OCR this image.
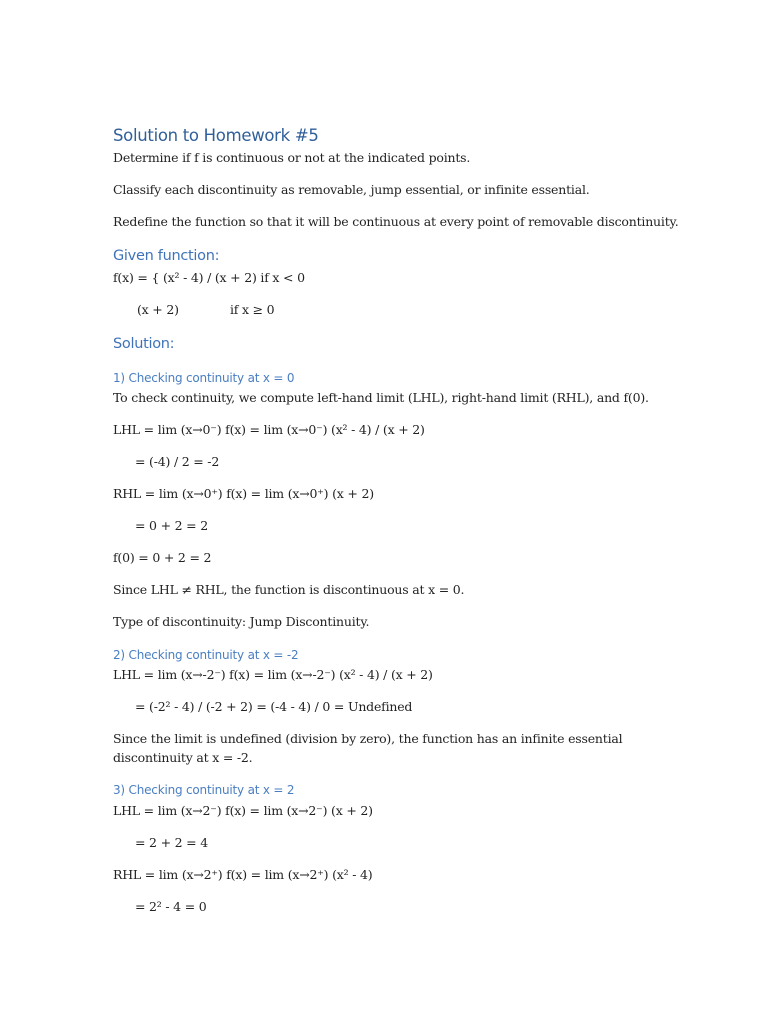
Solution to Homework #5
Determine if f is continuous or not at the indicated points.
Classify each discontinuity as removable, jump essential, or infinite essential.
Redefine the function so that it will be continuous at every point of removable discontinuity.
Given function:
f(x) = { (x² - 4) / (x + 2) if x < 0
(x + 2)	if x ≥ 0
Solution:
1) Checking continuity at x = 0
To check continuity, we compute left-hand limit (LHL), right-hand limit (RHL), and f(0).
LHL = lim (x→0⁻) f(x) = lim (x→0⁻) (x² - 4) / (x + 2)
= (-4) / 2 = -2
RHL = lim (x→0⁺) f(x) = lim (x→0⁺) (x + 2)
= 0 + 2 = 2
f(0) = 0 + 2 = 2
Since LHL ≠ RHL, the function is discontinuous at x = 0.
Type of discontinuity: Jump Discontinuity.
2) Checking continuity at x = -2
LHL = lim (x→-2⁻) f(x) = lim (x→-2⁻) (x² - 4) / (x + 2)
= (-2² - 4) / (-2 + 2) = (-4 - 4) / 0 = Undefined
Since the limit is undefined (division by zero), the function has an infinite essential
discontinuity at x = -2.
3) Checking continuity at x = 2
LHL = lim (x→2⁻) f(x) = lim (x→2⁻) (x + 2)
= 2 + 2 = 4
RHL = lim (x→2⁺) f(x) = lim (x→2⁺) (x² - 4)
= 2² - 4 = 0
